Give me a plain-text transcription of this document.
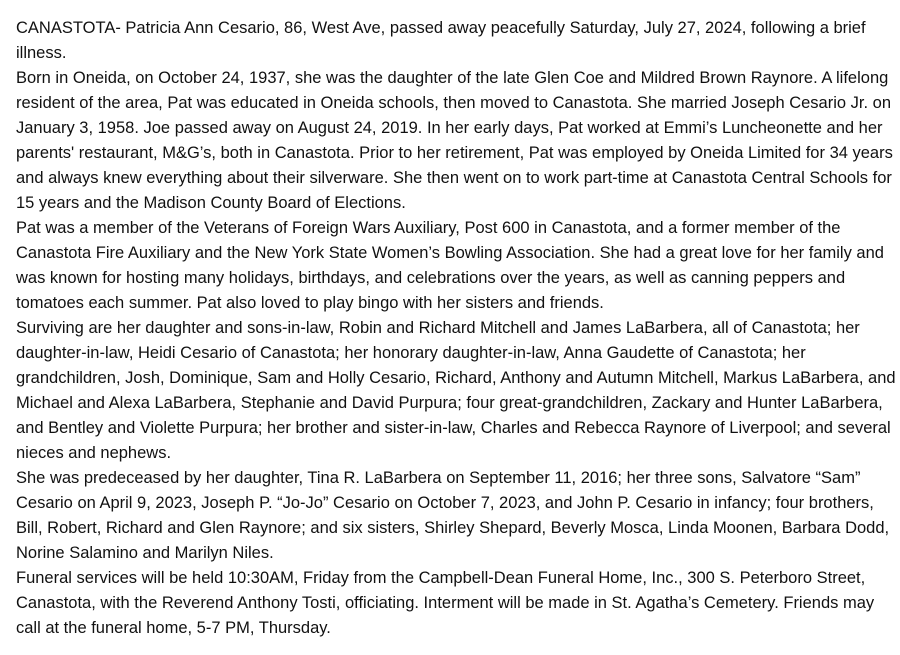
CANASTOTA- Patricia Ann Cesario, 86, West Ave, passed away peacefully Saturday, July 27, 2024, following a brief illness.

Born in Oneida, on October 24, 1937, she was the daughter of the late Glen Coe and Mildred Brown Raynore. A lifelong resident of the area, Pat was educated in Oneida schools, then moved to Canastota. She married Joseph Cesario Jr. on January 3, 1958. Joe passed away on August 24, 2019. In her early days, Pat worked at Emmi’s Luncheonette and her parents' restaurant, M&G’s, both in Canastota. Prior to her retirement, Pat was employed by Oneida Limited for 34 years and always knew everything about their silverware. She then went on to work part-time at Canastota Central Schools for 15 years and the Madison County Board of Elections.

Pat was a member of the Veterans of Foreign Wars Auxiliary, Post 600 in Canastota, and a former member of the Canastota Fire Auxiliary and the New York State Women’s Bowling Association. She had a great love for her family and was known for hosting many holidays, birthdays, and celebrations over the years, as well as canning peppers and tomatoes each summer. Pat also loved to play bingo with her sisters and friends.

Surviving are her daughter and sons-in-law, Robin and Richard Mitchell and James LaBarbera, all of Canastota; her daughter-in-law, Heidi Cesario of Canastota; her honorary daughter-in-law, Anna Gaudette of Canastota; her grandchildren, Josh, Dominique, Sam and Holly Cesario, Richard, Anthony and Autumn Mitchell, Markus LaBarbera, and Michael and Alexa LaBarbera, Stephanie and David Purpura; four great-grandchildren, Zackary and Hunter LaBarbera, and Bentley and Violette Purpura; her brother and sister-in-law, Charles and Rebecca Raynore of Liverpool; and several nieces and nephews.

She was predeceased by her daughter, Tina R. LaBarbera on September 11, 2016; her three sons, Salvatore “Sam” Cesario on April 9, 2023, Joseph P. “Jo-Jo” Cesario on October 7, 2023, and John P. Cesario in infancy; four brothers, Bill, Robert, Richard and Glen Raynore; and six sisters, Shirley Shepard, Beverly Mosca, Linda Moonen, Barbara Dodd, Norine Salamino and Marilyn Niles.

Funeral services will be held 10:30AM, Friday from the Campbell-Dean Funeral Home, Inc., 300 S. Peterboro Street, Canastota, with the Reverend Anthony Tosti, officiating. Interment will be made in St. Agatha’s Cemetery. Friends may call at the funeral home, 5-7 PM, Thursday.
